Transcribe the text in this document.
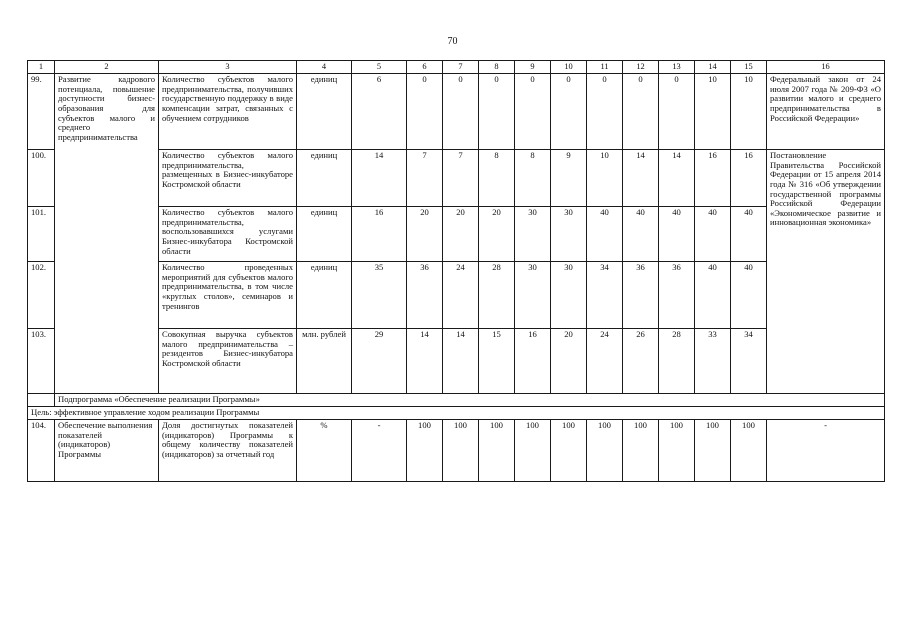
70
1	2	3	4	5	6	7	8	9	10	11	12	13	14	15	16
99.	Развитие кадрового потенциала, повышение доступности бизнес-образования для субъектов малого и среднего предпринимательства	Количество субъектов малого предпринимательства, получивших государственную поддержку в виде компенсации затрат, связанных с обучением сотрудников	единиц	6	0	0	0	0	0	0	0	0	10	10	Федеральный закон от 24 июля 2007 года № 209-ФЗ «О развитии малого и среднего предпринимательства в Российской Федерации»
100.		Количество субъектов малого предпринимательства, размещенных в Бизнес-инкубаторе Костромской области	единиц	14	7	7	8	8	9	10	14	14	16	16	Постановление Правительства Российской Федерации от 15 апреля 2014 года № 316 «Об утверждении государственной программы Российской Федерации «Экономическое развитие и инновационная экономика»
101.		Количество субъектов малого предпринимательства, воспользовавшихся услугами Бизнес-инкубатора Костромской области	единиц	16	20	20	20	30	30	40	40	40	40	40	
102.		Количество проведенных мероприятий для субъектов малого предпринимательства, в том числе «круглых столов», семинаров и тренингов	единиц	35	36	24	28	30	30	34	36	36	40	40	
103.		Совокупная выручка субъектов малого предпринимательства – резидентов Бизнес-инкубатора Костромской области	млн. рублей	29	14	14	15	16	20	24	26	28	33	34	
	Подпрограмма «Обеспечение реализации Программы»														
Цель: эффективное управление ходом реализации Программы															
104.	Обеспечение выполнения показателей (индикаторов) Программы	Доля достигнутых показателей (индикаторов) Программы к общему количеству показателей (индикаторов) за отчетный год	%	-	100	100	100	100	100	100	100	100	100	100	-
